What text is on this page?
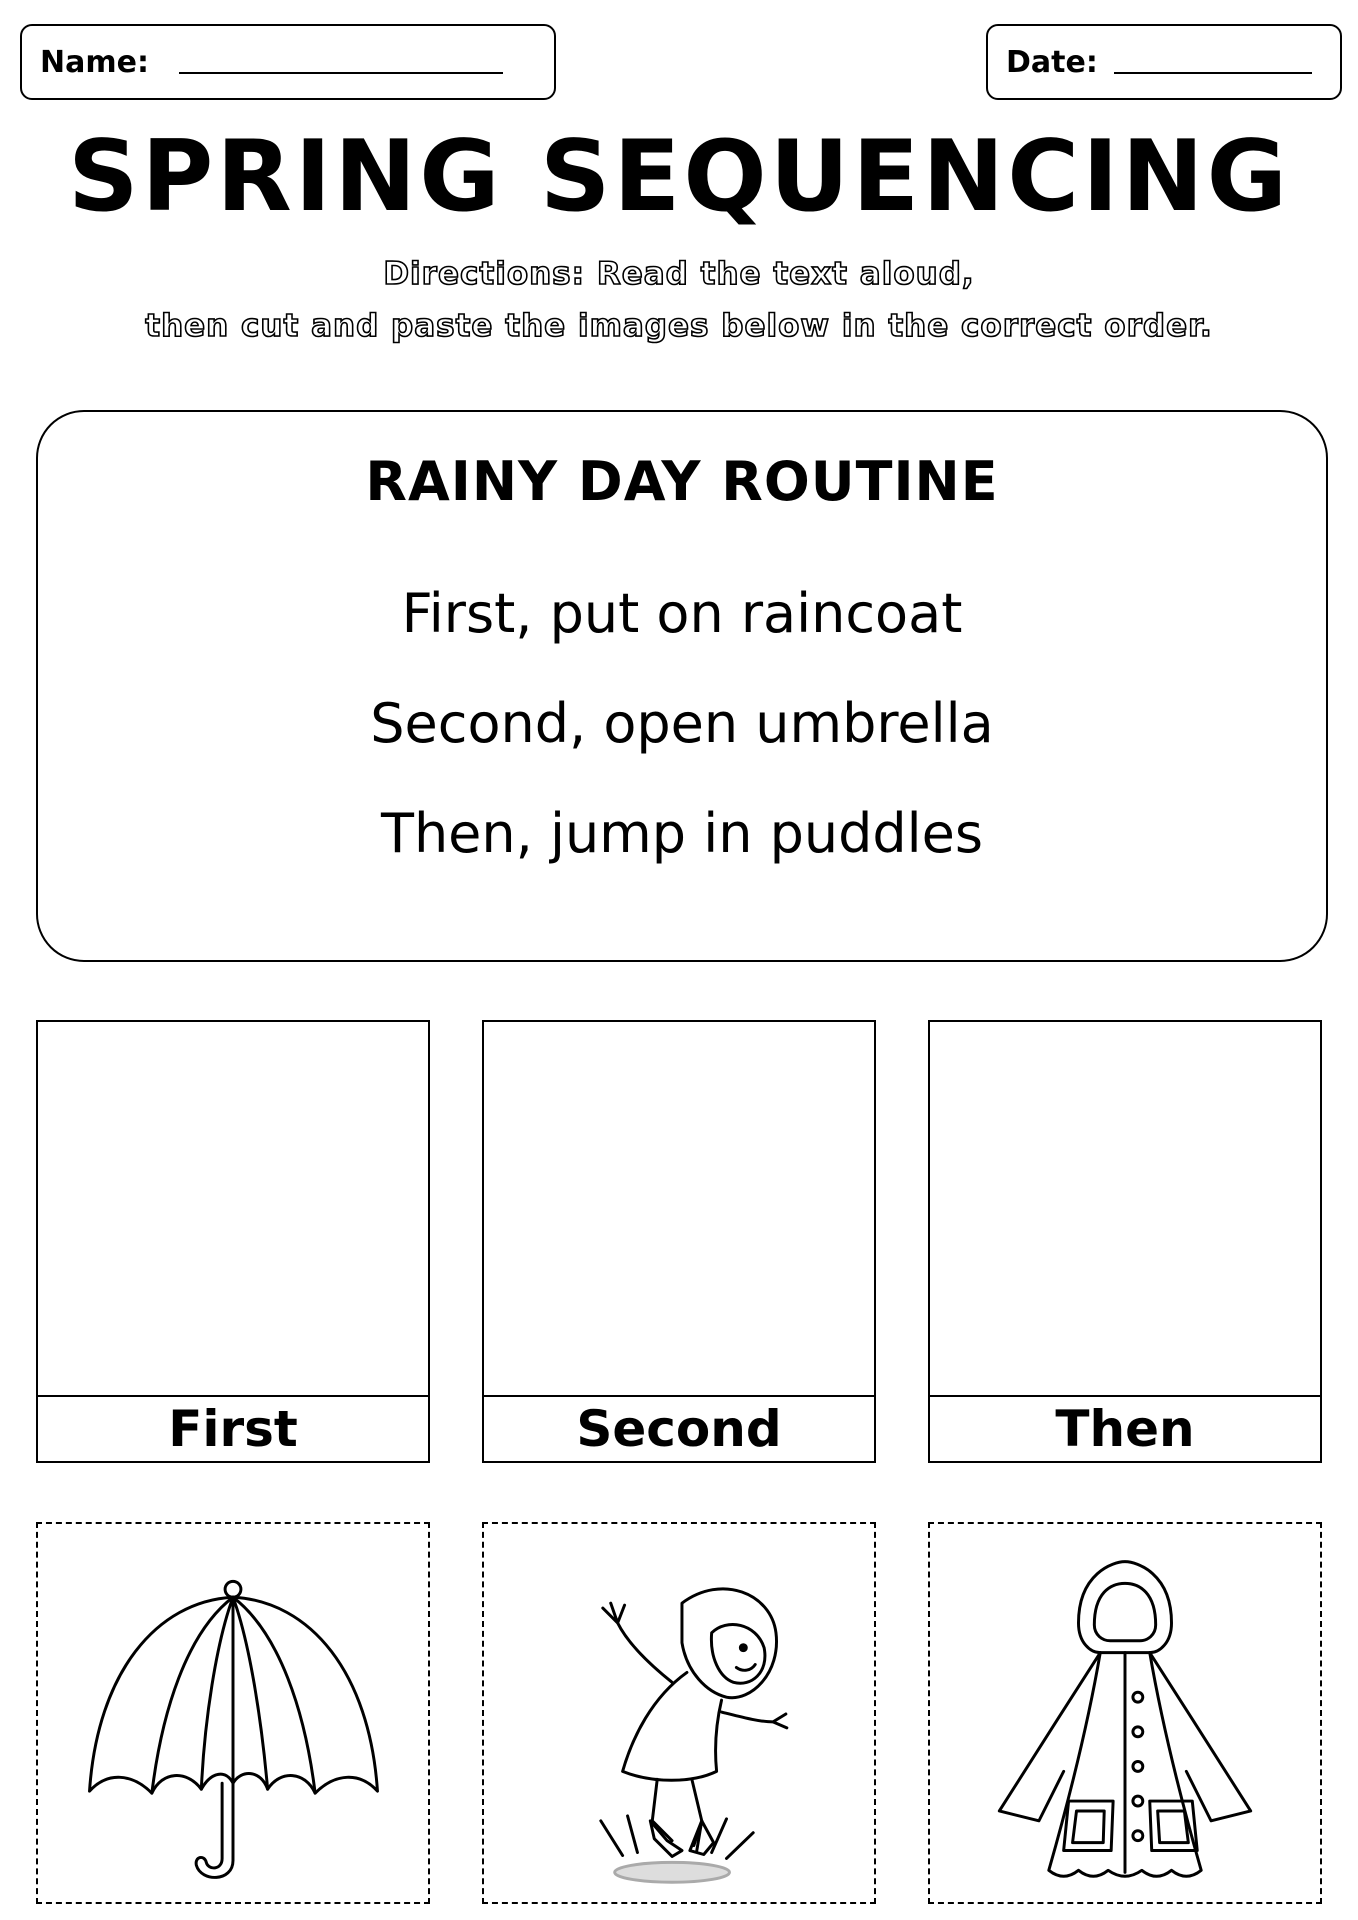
Name:	Date:
SPRING SEQUENCING
Directions: Read the text aloud,
then cut and paste the images below in the correct order.
RAINY DAY ROUTINE
First, put on raincoat
Second, open umbrella
Then, jump in puddles
First	Second	Then
